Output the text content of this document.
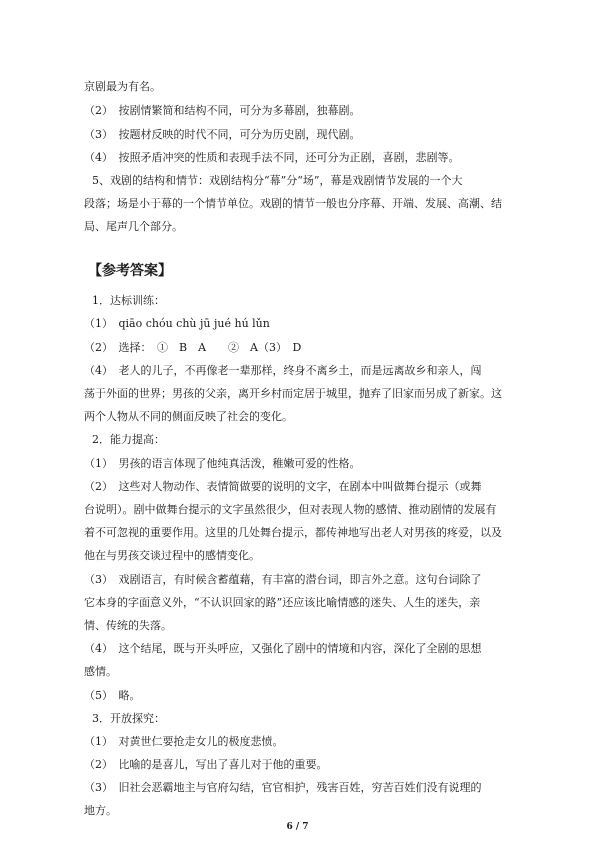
京剧最为有名。
（2）　按剧情繁简和结构不同，可分为多幕剧，独幕剧。
（3）　按题材反映的时代不同，可分为历史剧，现代剧。
（4）　按照矛盾冲突的性质和表现手法不同，还可分为正剧，喜剧，悲剧等。
5、戏剧的结构和情节：戏剧结构分“幕”分“场”，幕是戏剧情节发展的一个大
段落；场是小于幕的一个情节单位。戏剧的情节一般也分序幕、开端、发展、高潮、结
局、尾声几个部分。
【参考答案】
1．达标训练：
（1）　qiāo chóu chù jū jué hú lǔn
（2）　选择：　①　B　A　　②　A（3）　D
（4）　老人的儿子，不再像老一辈那样，终身不离乡土，而是远离故乡和亲人，闯
荡于外面的世界；男孩的父亲，离开乡村而定居于城里，抛弃了旧家而另成了新家。这
两个人物从不同的侧面反映了社会的变化。
2．能力提高：
（1）　男孩的语言体现了他纯真活泼，稚嫩可爱的性格。
（2）　这些对人物动作、表情简做要的说明的文字，在剧本中叫做舞台提示（或舞
台说明）。剧中做舞台提示的文字虽然很少，但对表现人物的感情、推动剧情的发展有
着不可忽视的重要作用。这里的几处舞台提示，都传神地写出老人对男孩的疼爱，以及
他在与男孩交谈过程中的感情变化。
（3）　戏剧语言，有时候含蓄蕴藉，有丰富的潜台词，即言外之意。这句台词除了
它本身的字面意义外，“不认识回家的路”还应该比喻情感的迷失、人生的迷失，亲
情、传统的失落。
（4）　这个结尾，既与开头呼应，又强化了剧中的情境和内容，深化了全剧的思想
感情。
（5）　略。
3．开放探究：
（1）　对黄世仁要抢走女儿的极度悲愤。
（2）　比喻的是喜儿，写出了喜儿对于他的重要。
（3）　旧社会恶霸地主与官府勾结，官官相护，残害百姓，穷苦百姓们没有说理的
地方。
6 / 7
